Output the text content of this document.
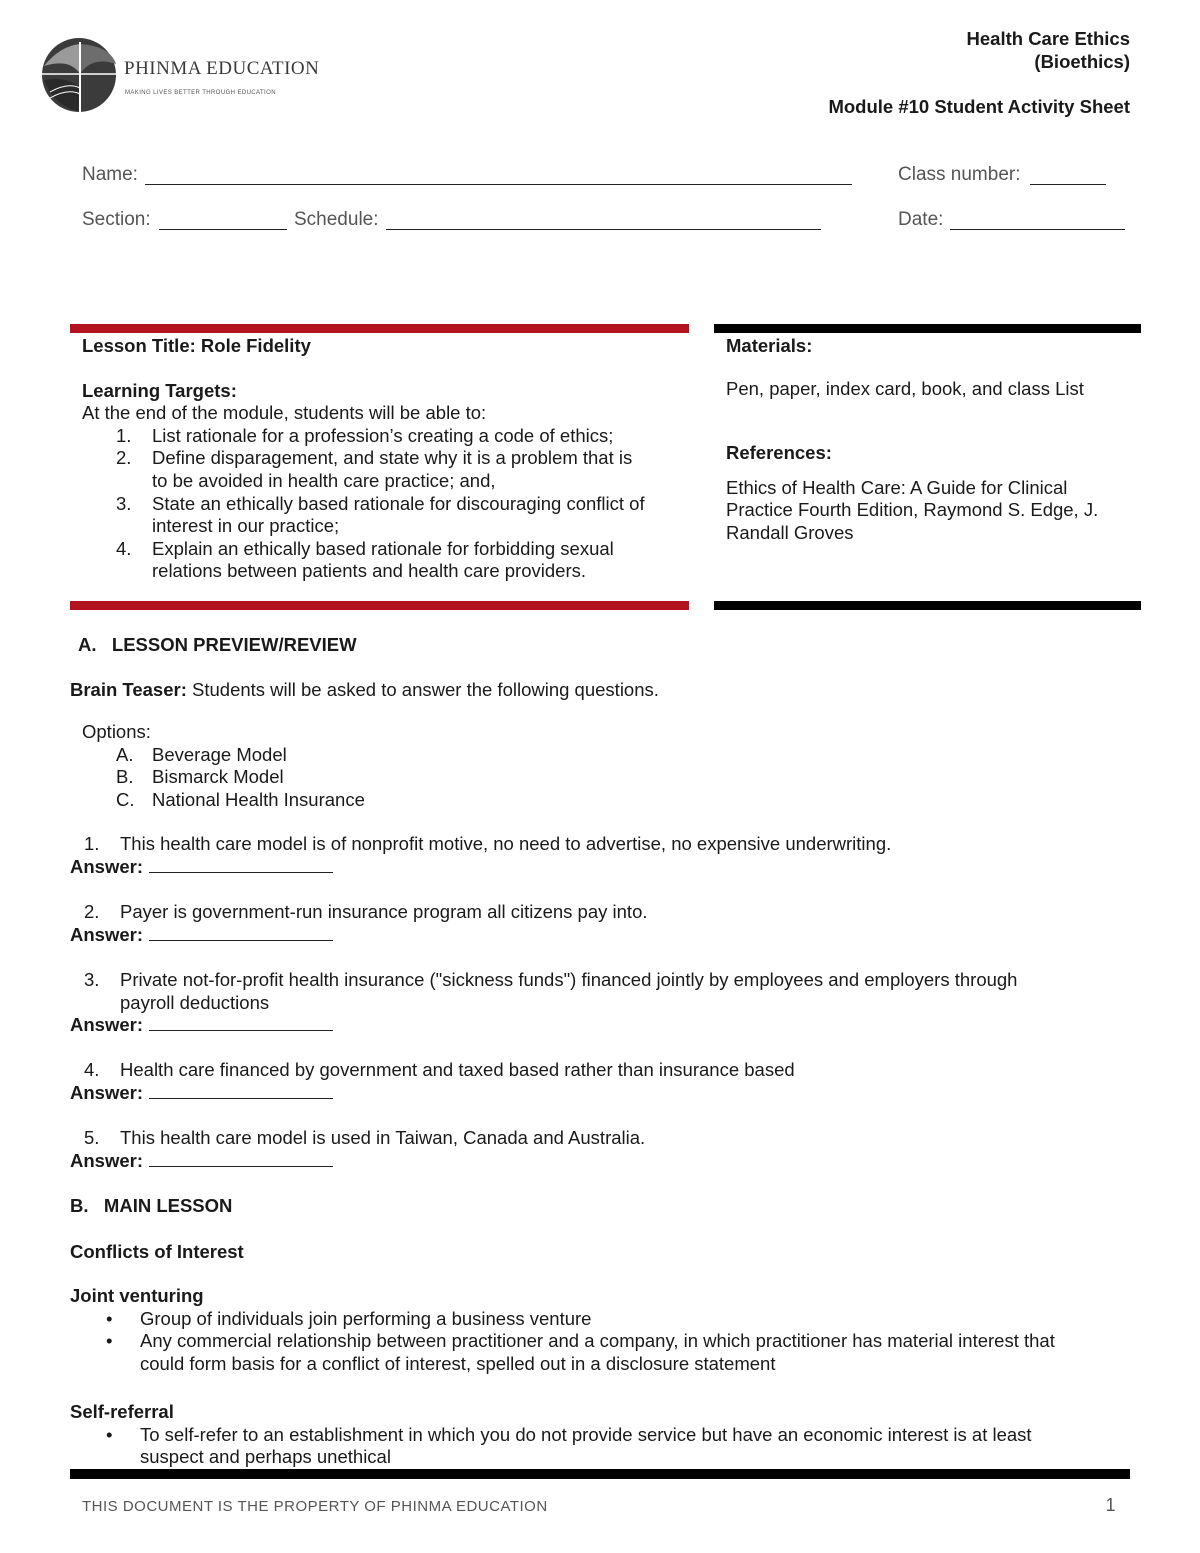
PHINMA EDUCATION
MAKING LIVES BETTER THROUGH EDUCATION
Health Care Ethics
(Bioethics)
Module #10 Student Activity Sheet
Name:	Class number:
Section:	Schedule:	Date:
Lesson Title: Role Fidelity
Learning Targets:
At the end of the module, students will be able to:
1. List rationale for a profession’s creating a code of ethics;
2. Define disparagement, and state why it is a problem that is
to be avoided in health care practice; and,
3. State an ethically based rationale for discouraging conflict of
interest in our practice;
4. Explain an ethically based rationale for forbidding sexual
relations between patients and health care providers.
Materials:
Pen, paper, index card, book, and class List
References:
Ethics of Health Care: A Guide for Clinical
Practice Fourth Edition, Raymond S. Edge, J.
Randall Groves
A.   LESSON PREVIEW/REVIEW
Brain Teaser: Students will be asked to answer the following questions.
Options:
A. Beverage Model
B. Bismarck Model
C. National Health Insurance
1. This health care model is of nonprofit motive, no need to advertise, no expensive underwriting.
Answer:
2. Payer is government-run insurance program all citizens pay into.
Answer:
3. Private not-for-profit health insurance ("sickness funds") financed jointly by employees and employers through
payroll deductions
Answer:
4. Health care financed by government and taxed based rather than insurance based
Answer:
5. This health care model is used in Taiwan, Canada and Australia.
Answer:
B.   MAIN LESSON
Conflicts of Interest
Joint venturing
• Group of individuals join performing a business venture
• Any commercial relationship between practitioner and a company, in which practitioner has material interest that
could form basis for a conflict of interest, spelled out in a disclosure statement
Self-referral
• To self-refer to an establishment in which you do not provide service but have an economic interest is at least
suspect and perhaps unethical
THIS DOCUMENT IS THE PROPERTY OF PHINMA EDUCATION	1
